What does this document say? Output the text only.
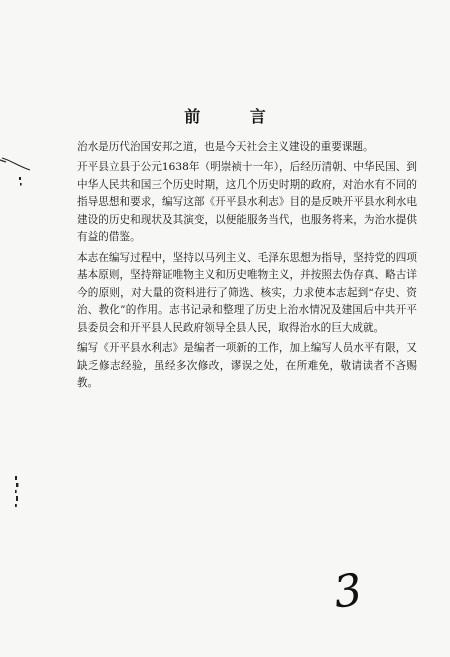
前 言

治水是历代治国安邦之道，也是今天社会主义建设的重要课题。

开平县立县于公元1638年（明崇祯十一年），后经历清朝、中华民国、到中华人民共和国三个历史时期，这几个历史时期的政府，对治水有不同的指导思想和要求，编写这部《开平县水利志》目的是反映开平县水利水电建设的历史和现状及其演变，以便能服务当代，也服务将来，为治水提供有益的借鉴。

本志在编写过程中，坚持以马列主义、毛泽东思想为指导，坚持党的四项基本原则，坚持辩证唯物主义和历史唯物主义，并按照去伪存真、略古详今的原则，对大量的资料进行了筛选、核实，力求使本志起到“存史、资治、教化”的作用。志书记录和整理了历史上治水情况及建国后中共开平县委员会和开平县人民政府领导全县人民，取得治水的巨大成就。

编写《开平县水利志》是编者一项新的工作，加上编写人员水平有限，又缺乏修志经验，虽经多次修改，谬误之处，在所难免，敬请读者不吝赐教。

3
